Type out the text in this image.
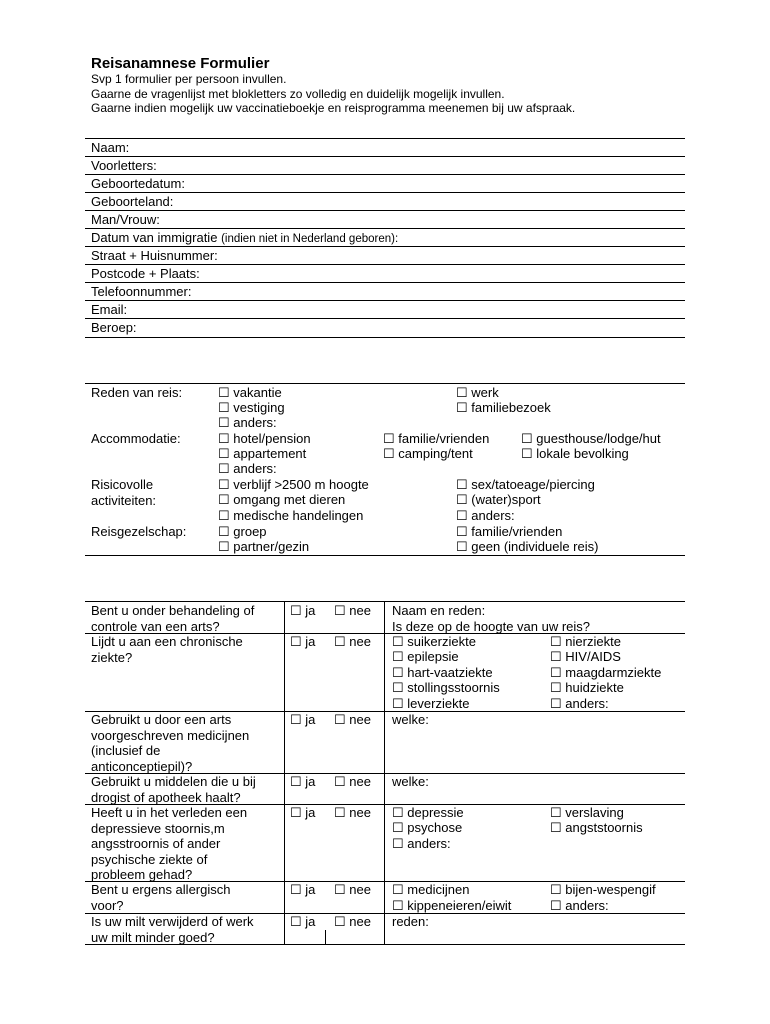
Reisanamnese Formulier
Svp 1 formulier per persoon invullen.
Gaarne de vragenlijst met blokletters zo volledig en duidelijk mogelijk invullen.
Gaarne indien mogelijk uw vaccinatieboekje en reisprogramma meenemen bij uw afspraak.
Naam:
Voorletters:
Geboortedatum:
Geboorteland:
Man/Vrouw:
Datum van immigratie (indien niet in Nederland geboren):
Straat + Huisnummer:
Postcode + Plaats:
Telefoonnummer:
Email:
Beroep:
Reden van reis:	☐ vakantie
☐ vestiging
☐ anders:
☐ werk
☐ familiebezoek
Accommodatie:	☐ hotel/pension
☐ appartement
☐ anders:
☐ familie/vrienden
☐ camping/tent
☐ guesthouse/lodge/hut
☐ lokale bevolking
Risicovolle
activiteiten:
☐ verblijf >2500 m hoogte
☐ omgang met dieren
☐ medische handelingen
☐ sex/tatoeage/piercing
☐ (water)sport
☐ anders:
Reisgezelschap: ☐ groep
☐ partner/gezin
☐ familie/vrienden
☐ geen (individuele reis)
Bent u onder behandeling of
controle van een arts?
☐ ja ☐ nee Naam en reden:
Is deze op de hoogte van uw reis?
Lijdt u aan een chronische
ziekte?
☐ ja ☐ nee ☐ suikerziekte
☐ epilepsie
☐ hart-vaatziekte
☐ stollingsstoornis
☐ leverziekte
☐ nierziekte
☐ HIV/AIDS
☐ maagdarmziekte
☐ huidziekte
☐ anders:
Gebruikt u door een arts
voorgeschreven medicijnen
(inclusief de
anticonceptiepil)?
☐ ja ☐ nee welke:
Gebruikt u middelen die u bij
drogist of apotheek haalt?
☐ ja ☐ nee welke:
Heeft u in het verleden een
depressieve stoornis,m
angsstroornis of ander
psychische ziekte of
probleem gehad?
☐ ja ☐ nee ☐ depressie
☐ psychose
☐ anders:
☐ verslaving
☐ angststoornis
Bent u ergens allergisch
voor?
☐ ja ☐ nee ☐ medicijnen
☐ kippeneieren/eiwit
☐ bijen-wespengif
☐ anders:
Is uw milt verwijderd of werk
uw milt minder goed?
☐ ja ☐ nee reden:
